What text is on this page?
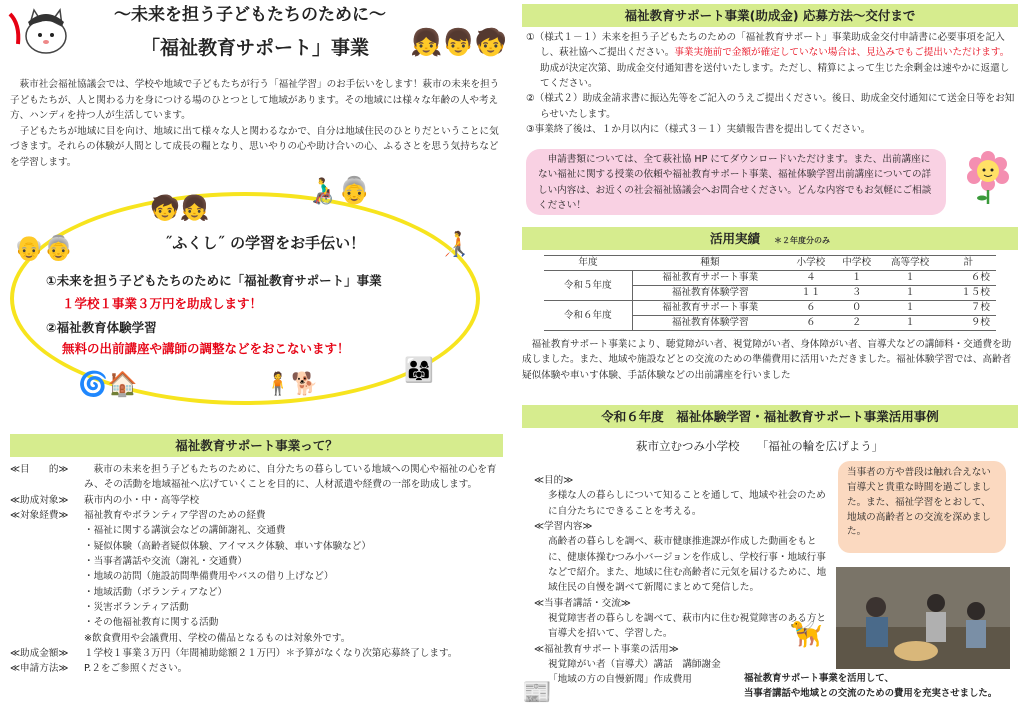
～未来を担う子どもたちのために～
「福祉教育サポート」事業 👧👦🧒

萩市社会福祉協議会では、学校や地域で子どもたちが行う「福祉学習」のお手伝いをします！萩市の未来を担う子どもたちが、人と関わる力を身につける場のひとつとして地域があります。その地域には様々な年齢の人や考え方、ハンディを持つ人が生活しています。

子どもたちが地域に目を向け、地域に出て様々な人と関わるなかで、自分は地域住民のひとりだということに気づきます。それらの体験が人間として成長の糧となり、思いやりの心や助け合いの心、ふるさとを思う気持ちなどを学習します。

🧒👧
👨‍🦽👵
👴👵	🧑‍🦯
˝ふくし˝ の学習をお手伝い！
①未来を担う子どもたちのために「福祉教育サポート」事業
１学校１事業３万円を助成します！
②福祉教育体験学習
無料の出前講座や講師の調整などをおこないます！
🌀🏠	🧍🐕
👨‍👩‍👧
福祉教育サポート事業って？
≪目　　的≫	萩市の未来を担う子どもたちのために、自分たちの暮らしている地域への関心や福祉の心を育み、その活動を地域福祉へ広げていくことを目的に、人材派遣や経費の一部を助成します。
≪助成対象≫	萩市内の小・中・高等学校
≪対象経費≫	福祉教育やボランティア学習のための経費
・福祉に関する講演会などの講師謝礼、交通費
・疑似体験（高齢者疑似体験、アイマスク体験、車いす体験など）
・当事者講話や交流（謝礼・交通費）
・地域の訪問（施設訪問準備費用やバスの借り上げなど）
・地域活動（ボランティアなど）
・災害ボランティア活動
・その他福祉教育に関する活動
※飲食費用や会議費用、学校の備品となるものは対象外です。
≪助成金額≫	１学校１事業３万円（年間補助総額２１万円）＊予算がなくなり次第応募終了します。
≪申請方法≫	P.２をご参照ください。
福祉教育サポート事業(助成金) 応募方法～交付まで
①（様式１－１）未来を担う子どもたちのための「福祉教育サポート」事業助成金交付申請書に必要事項を記入し、萩社協へご提出ください。事業実施前で金額が確定していない場合は、見込みでもご提出いただけます。助成が決定次第、助成金交付通知書を送付いたします。ただし、精算によって生じた余剰金は速やかに返還してください。
②（様式２）助成金請求書に振込先等をご記入のうえご提出ください。後日、助成金交付通知にて送金日等をお知らせいたします。
③事業終了後は、１か月以内に（様式３－１）実績報告書を提出してください。
申請書類については、全て萩社協 HP にてダウンロードいただけます。また、出前講座にない福祉に関する授業の依頼や福祉教育サポート事業、福祉体験学習出前講座についての詳しい内容は、お近くの社会福祉協議会へお問合せください。どんな内容でもお気軽にご相談ください！
活用実績 ＊２年度分のみ
年度	種類	小学校	中学校	高等学校	計
令和５年度	福祉教育サポート事業	４	１	１	６校
	福祉教育体験学習	１１	３	１	１５校
令和６年度	福祉教育サポート事業	６	０	１	７校
	福祉教育体験学習	６	２	１	９校
福祉教育サポート事業により、聴覚障がい者、視覚障がい者、身体障がい者、盲導犬などの講師料・交通費を助成しました。また、地域や施設などとの交流のための準備費用に活用いただきました。福祉体験学習では、高齢者疑似体験や車いす体験、手話体験などの出前講座を行いました
令和６年度　福祉体験学習・福祉教育サポート事業活用事例
萩市立むつみ小学校　　「福祉の輪を広げよう」
≪目的≫
多様な人の暮らしについて知ることを通して、地域や社会のために自分たちにできることを考える。
≪学習内容≫
高齢者の暮らしを調べ、萩市健康推進課が作成した動画をもとに、健康体操むつみ小バージョンを作成し、学校行事・地域行事などで紹介。また、地域に住む高齢者に元気を届けるために、地域住民の自慢を調べて新聞にまとめて発信した。
≪当事者講話・交流≫
視覚障害者の暮らしを調べて、萩市内に住む視覚障害のある方と盲導犬を招いて、学習した。
≪福祉教育サポート事業の活用≫
視覚障がい者（盲導犬）講話　講師謝金
「地域の方の自慢新聞」作成費用
📰
🦮
当事者の方や普段は触れ合えない盲導犬と貴重な時間を過ごしました。また、福祉学習をとおして、地域の高齢者との交流を深めました。
福祉教育サポート事業を活用して、
当事者講話や地域との交流のための費用を充実させました。
